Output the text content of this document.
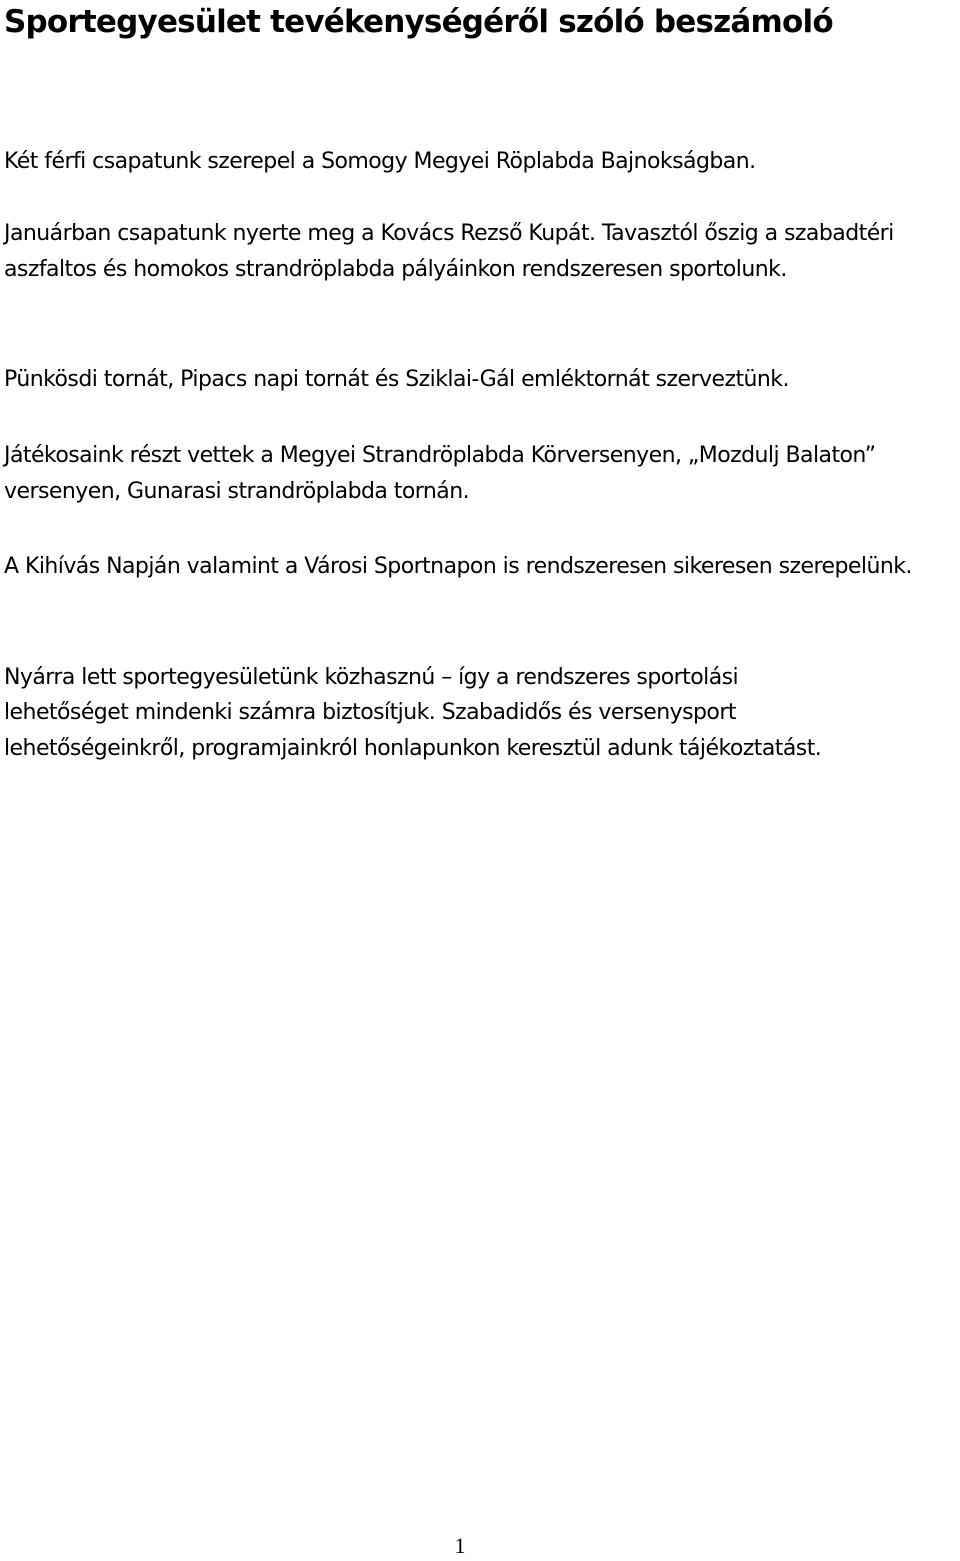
Sportegyesület tevékenységéről szóló beszámoló

Két férfi csapatunk szerepel a Somogy Megyei Röplabda Bajnokságban.

Januárban csapatunk nyerte meg a Kovács Rezső Kupát. Tavasztól őszig a szabadtéri aszfaltos és homokos strandröplabda pályáinkon rendszeresen sportolunk.

Pünkösdi tornát, Pipacs napi tornát és Sziklai-Gál emléktornát szerveztünk.

Játékosaink részt vettek a Megyei Strandröplabda Körversenyen, „Mozdulj Balaton” versenyen, Gunarasi strandröplabda tornán.

A Kihívás Napján valamint a Városi Sportnapon is rendszeresen sikeresen szerepelünk.

Nyárra lett sportegyesületünk közhasznú – így a rendszeres sportolási

lehetőséget mindenki számra biztosítjuk. Szabadidős és versenysport

lehetőségeinkről, programjainkról honlapunkon keresztül adunk tájékoztatást.

1
